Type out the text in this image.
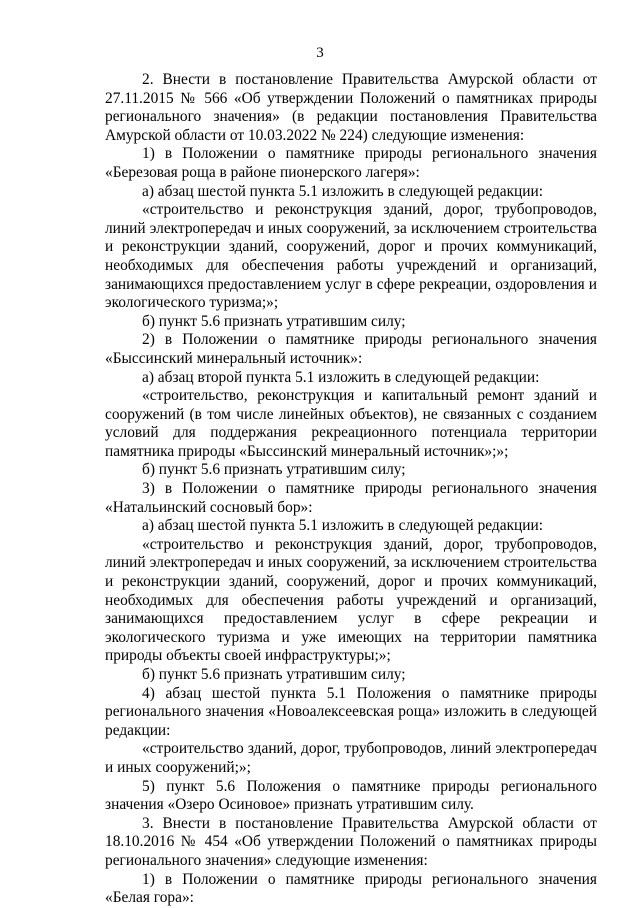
3

2. Внести в постановление Правительства Амурской области от 27.11.2015 № 566 «Об утверждении Положений о памятниках природы регионального значения» (в редакции постановления Правительства Амурской области от 10.03.2022 № 224) следующие изменения:

1) в Положении о памятнике природы регионального значения «Березовая роща в районе пионерского лагеря»:

а) абзац шестой пункта 5.1 изложить в следующей редакции:

«строительство и реконструкция зданий, дорог, трубопроводов, линий электропередач и иных сооружений, за исключением строительства и реконструкции зданий, сооружений, дорог и прочих коммуникаций, необходимых для обеспечения работы учреждений и организаций, занимающихся предоставлением услуг в сфере рекреации, оздоровления и экологического туризма;»;

б) пункт 5.6 признать утратившим силу;

2) в Положении о памятнике природы регионального значения «Быссинский минеральный источник»:

а) абзац второй пункта 5.1 изложить в следующей редакции:

«строительство, реконструкция и капитальный ремонт зданий и сооружений (в том числе линейных объектов), не связанных с созданием условий для поддержания рекреационного потенциала территории памятника природы «Быссинский минеральный источник»;»;

б) пункт 5.6 признать утратившим силу;

3) в Положении о памятнике природы регионального значения «Натальинский сосновый бор»:

а) абзац шестой пункта 5.1 изложить в следующей редакции:

«строительство и реконструкция зданий, дорог, трубопроводов, линий электропередач и иных сооружений, за исключением строительства и реконструкции зданий, сооружений, дорог и прочих коммуникаций, необходимых для обеспечения работы учреждений и организаций, занимающихся предоставлением услуг в сфере рекреации и экологического туризма и уже имеющих на территории памятника природы объекты своей инфраструктуры;»;

б) пункт 5.6 признать утратившим силу;

4) абзац шестой пункта 5.1 Положения о памятнике природы регионального значения «Новоалексеевская роща» изложить в следующей редакции:

«строительство зданий, дорог, трубопроводов, линий электропередач и иных сооружений;»;

5) пункт 5.6 Положения о памятнике природы регионального значения «Озеро Осиновое» признать утратившим силу.

3. Внести в постановление Правительства Амурской области от 18.10.2016 № 454 «Об утверждении Положений о памятниках природы регионального значения» следующие изменения:

1) в Положении о памятнике природы регионального значения «Белая гора»:
